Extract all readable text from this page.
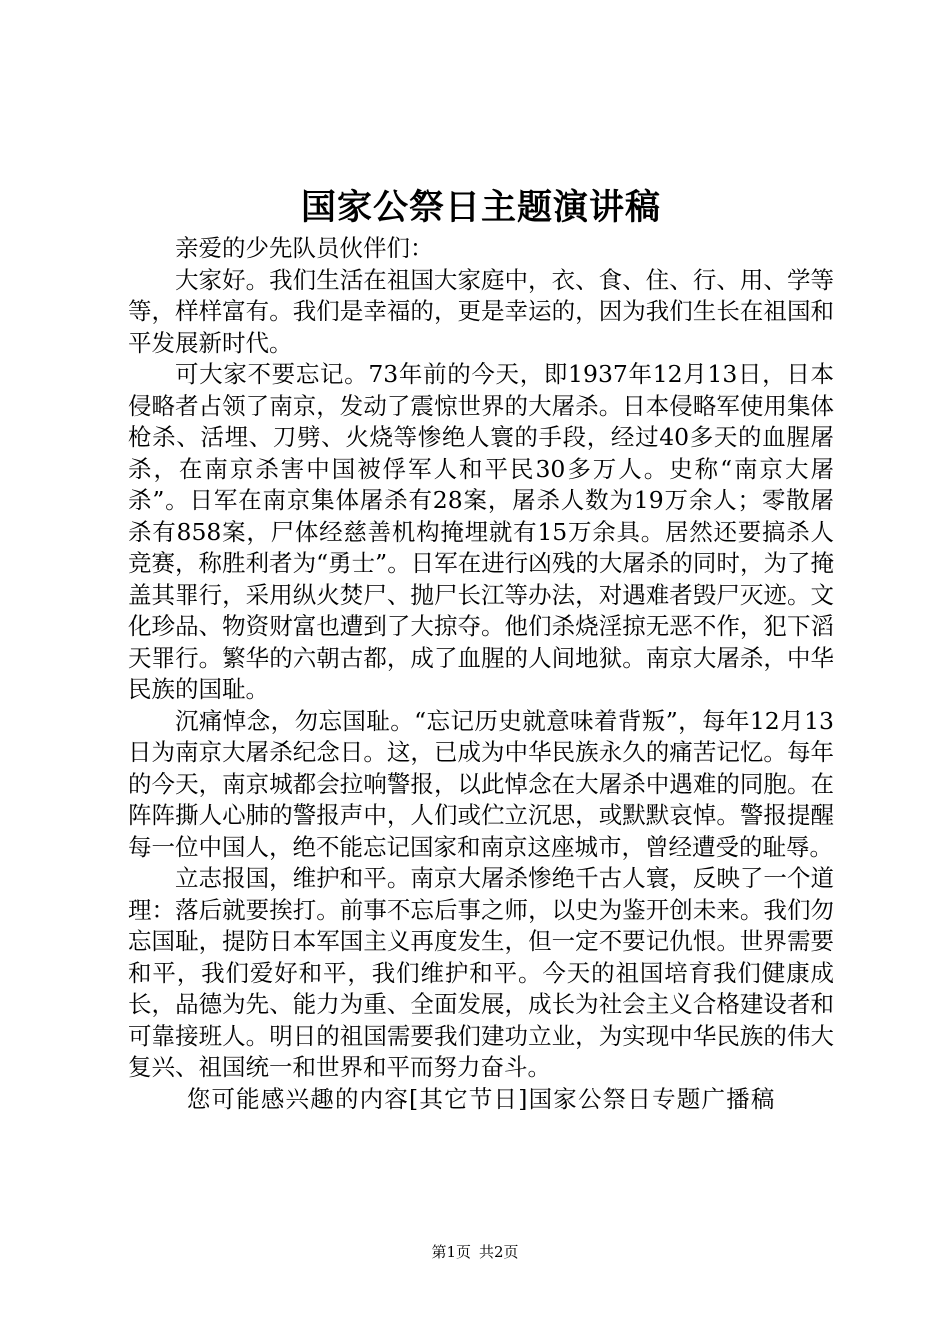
国家公祭日主题演讲稿

亲爱的少先队员伙伴们：

大家好。我们生活在祖国大家庭中，衣、食、住、行、用、学等等，样样富有。我们是幸福的，更是幸运的，因为我们生长在祖国和平发展新时代。

可大家不要忘记。73年前的今天，即1937年12月13日，日本侵略者占领了南京，发动了震惊世界的大屠杀。日本侵略军使用集体枪杀、活埋、刀劈、火烧等惨绝人寰的手段，经过40多天的血腥屠杀，在南京杀害中国被俘军人和平民30多万人。史称“南京大屠杀”。日军在南京集体屠杀有28案，屠杀人数为19万余人；零散屠杀有858案，尸体经慈善机构掩埋就有15万余具。居然还要搞杀人竞赛，称胜利者为“勇士”。日军在进行凶残的大屠杀的同时，为了掩盖其罪行，采用纵火焚尸、抛尸长江等办法，对遇难者毁尸灭迹。文化珍品、物资财富也遭到了大掠夺。他们杀烧淫掠无恶不作，犯下滔天罪行。繁华的六朝古都，成了血腥的人间地狱。南京大屠杀，中华民族的国耻。

沉痛悼念，勿忘国耻。“忘记历史就意味着背叛”，每年12月13日为南京大屠杀纪念日。这，已成为中华民族永久的痛苦记忆。每年的今天，南京城都会拉响警报，以此悼念在大屠杀中遇难的同胞。在阵阵撕人心肺的警报声中，人们或伫立沉思，或默默哀悼。警报提醒每一位中国人，绝不能忘记国家和南京这座城市，曾经遭受的耻辱。

立志报国，维护和平。南京大屠杀惨绝千古人寰，反映了一个道理：落后就要挨打。前事不忘后事之师，以史为鉴开创未来。我们勿忘国耻，提防日本军国主义再度发生，但一定不要记仇恨。世界需要和平，我们爱好和平，我们维护和平。今天的祖国培育我们健康成长，品德为先、能力为重、全面发展，成长为社会主义合格建设者和可靠接班人。明日的祖国需要我们建功立业，为实现中华民族的伟大复兴、祖国统一和世界和平而努力奋斗。

您可能感兴趣的内容[其它节日]国家公祭日专题广播稿

第1页 共2页
